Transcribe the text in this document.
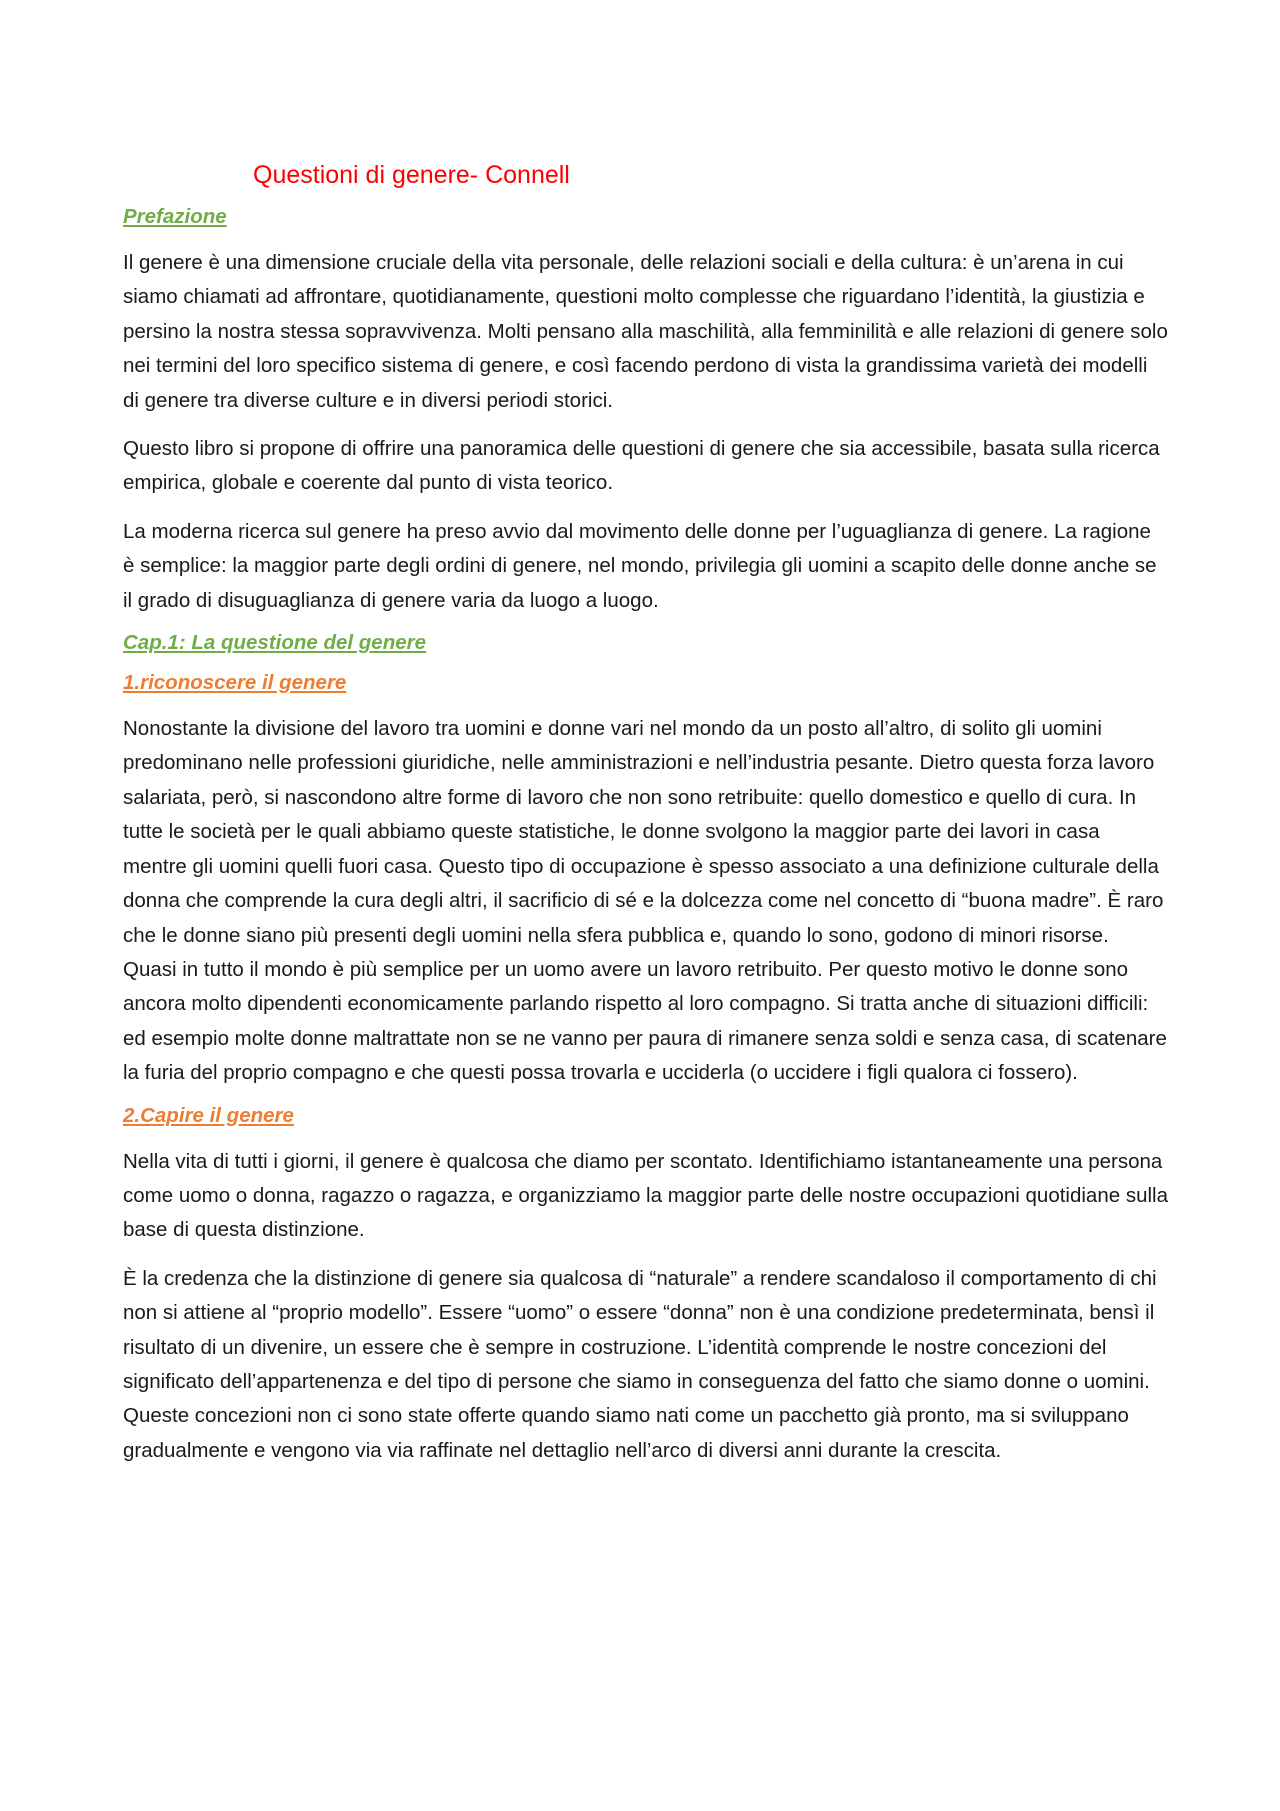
Questioni di genere- Connell
Prefazione

Il genere è una dimensione cruciale della vita personale, delle relazioni sociali e della cultura: è un’arena in cui siamo chiamati ad affrontare, quotidianamente, questioni molto complesse che riguardano l’identità, la giustizia e persino la nostra stessa sopravvivenza. Molti pensano alla maschilità, alla femminilità e alle relazioni di genere solo nei termini del loro specifico sistema di genere, e così facendo perdono di vista la grandissima varietà dei modelli di genere tra diverse culture e in diversi periodi storici.

Questo libro si propone di offrire una panoramica delle questioni di genere che sia accessibile, basata sulla ricerca empirica, globale e coerente dal punto di vista teorico.

La moderna ricerca sul genere ha preso avvio dal movimento delle donne per l’uguaglianza di genere. La ragione è semplice: la maggior parte degli ordini di genere, nel mondo, privilegia gli uomini a scapito delle donne anche se il grado di disuguaglianza di genere varia da luogo a luogo.

Cap.1: La questione del genere
1.riconoscere il genere

Nonostante la divisione del lavoro tra uomini e donne vari nel mondo da un posto all’altro, di solito gli uomini predominano nelle professioni giuridiche, nelle amministrazioni e nell’industria pesante. Dietro questa forza lavoro salariata, però, si nascondono altre forme di lavoro che non sono retribuite: quello domestico e quello di cura. In tutte le società per le quali abbiamo queste statistiche, le donne svolgono la maggior parte dei lavori in casa mentre gli uomini quelli fuori casa. Questo tipo di occupazione è spesso associato a una definizione culturale della donna che comprende la cura degli altri, il sacrificio di sé e la dolcezza come nel concetto di “buona madre”. È raro che le donne siano più presenti degli uomini nella sfera pubblica e, quando lo sono, godono di minori risorse. Quasi in tutto il mondo è più semplice per un uomo avere un lavoro retribuito. Per questo motivo le donne sono ancora molto dipendenti economicamente parlando rispetto al loro compagno. Si tratta anche di situazioni difficili: ed esempio molte donne maltrattate non se ne vanno per paura di rimanere senza soldi e senza casa, di scatenare la furia del proprio compagno e che questi possa trovarla e ucciderla (o uccidere i figli qualora ci fossero).

2.Capire il genere

Nella vita di tutti i giorni, il genere è qualcosa che diamo per scontato. Identifichiamo istantaneamente una persona come uomo o donna, ragazzo o ragazza, e organizziamo la maggior parte delle nostre occupazioni quotidiane sulla base di questa distinzione.

È la credenza che la distinzione di genere sia qualcosa di “naturale” a rendere scandaloso il comportamento di chi non si attiene al “proprio modello”. Essere “uomo” o essere “donna” non è una condizione predeterminata, bensì il risultato di un divenire, un essere che è sempre in costruzione. L’identità comprende le nostre concezioni del significato dell’appartenenza e del tipo di persone che siamo in conseguenza del fatto che siamo donne o uomini. Queste concezioni non ci sono state offerte quando siamo nati come un pacchetto già pronto, ma si sviluppano gradualmente e vengono via via raffinate nel dettaglio nell’arco di diversi anni durante la crescita.
